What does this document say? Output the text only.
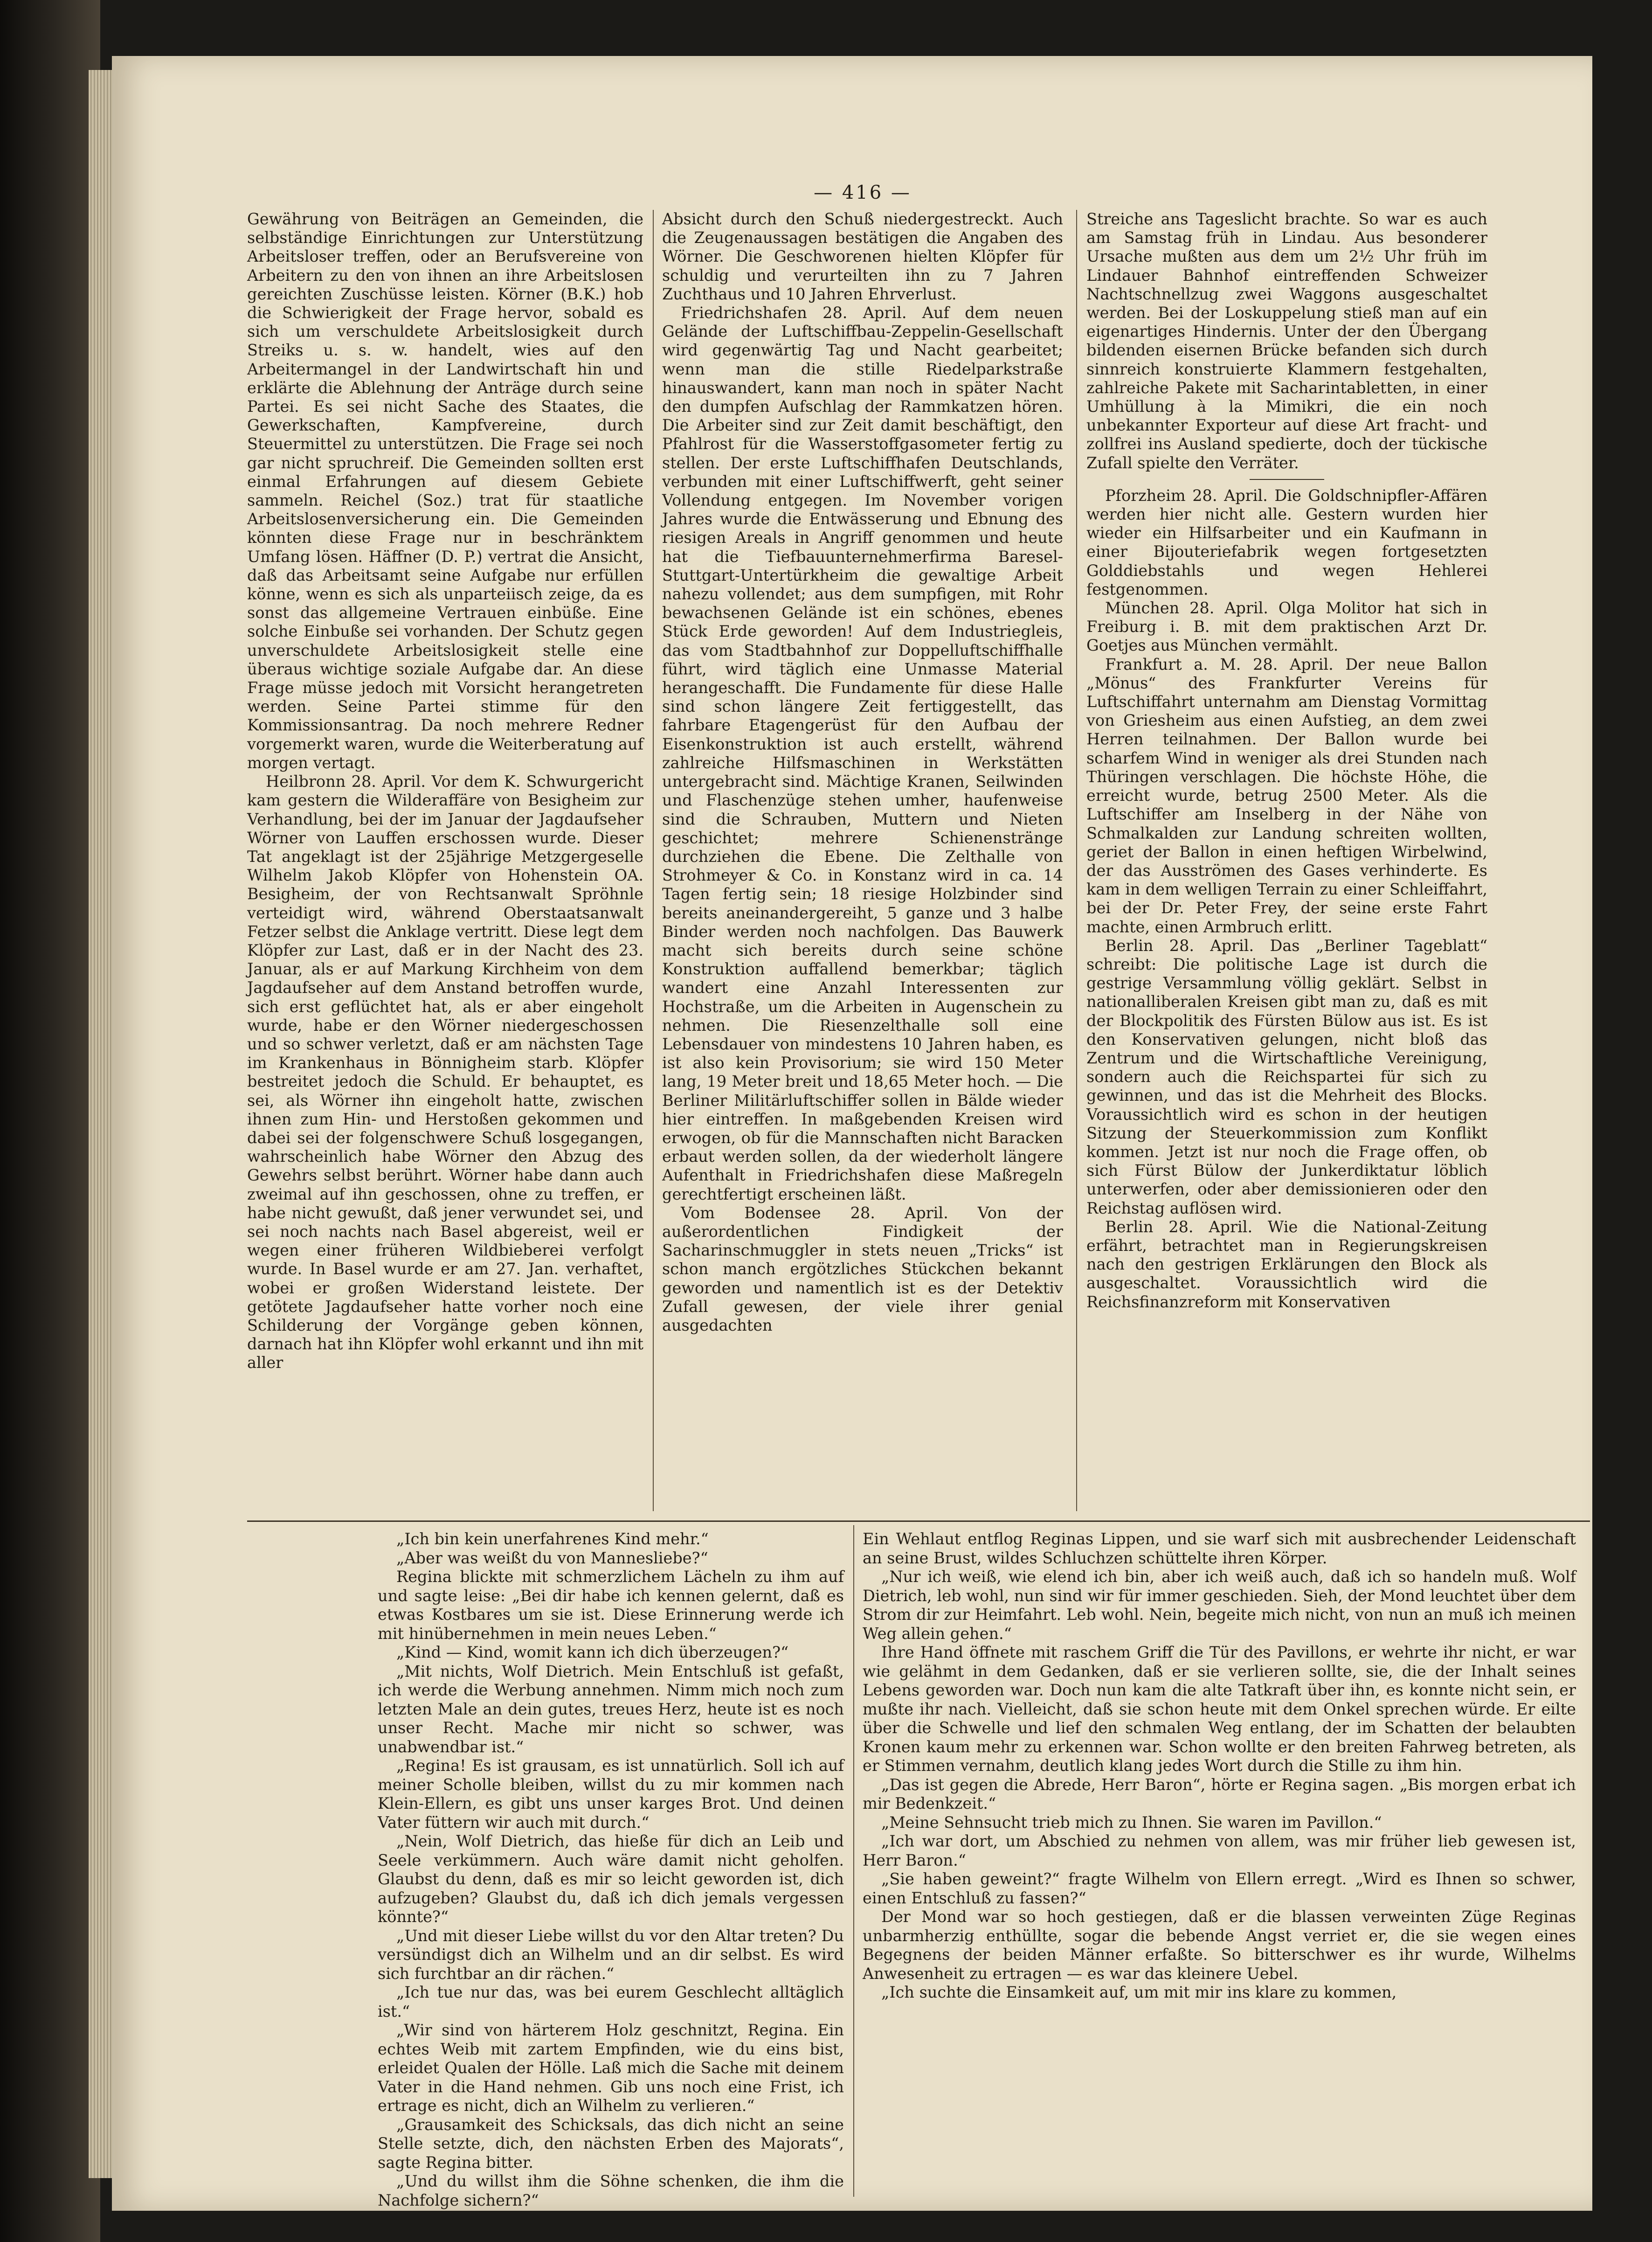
— 416 —

Gewährung von Beiträgen an Gemeinden, die selbständige Einrichtungen zur Unterstützung Arbeitsloser treffen, oder an Berufsvereine von Arbeitern zu den von ihnen an ihre Arbeitslosen gereichten Zuschüsse leisten. Körner (B.K.) hob die Schwierigkeit der Frage hervor, sobald es sich um verschuldete Arbeitslosigkeit durch Streiks u. s. w. handelt, wies auf den Arbeitermangel in der Landwirtschaft hin und erklärte die Ablehnung der Anträge durch seine Partei. Es sei nicht Sache des Staates, die Gewerkschaften, Kampfvereine, durch Steuermittel zu unterstützen. Die Frage sei noch gar nicht spruchreif. Die Gemeinden sollten erst einmal Erfahrungen auf diesem Gebiete sammeln. Reichel (Soz.) trat für staatliche Arbeitslosenversicherung ein. Die Gemeinden könnten diese Frage nur in beschränktem Umfang lösen. Häffner (D. P.) vertrat die Ansicht, daß das Arbeitsamt seine Aufgabe nur erfüllen könne, wenn es sich als unparteiisch zeige, da es sonst das allgemeine Vertrauen einbüße. Eine solche Einbuße sei vorhanden. Der Schutz gegen unverschuldete Arbeitslosigkeit stelle eine überaus wichtige soziale Aufgabe dar. An diese Frage müsse jedoch mit Vorsicht herangetreten werden. Seine Partei stimme für den Kommissionsantrag. Da noch mehrere Redner vorgemerkt waren, wurde die Weiterberatung auf morgen vertagt.

Heilbronn 28. April. Vor dem K. Schwurgericht kam gestern die Wilderaffäre von Besigheim zur Verhandlung, bei der im Januar der Jagdaufseher Wörner von Lauffen erschossen wurde. Dieser Tat angeklagt ist der 25jährige Metzgergeselle Wilhelm Jakob Klöpfer von Hohenstein OA. Besigheim, der von Rechtsanwalt Spröhnle verteidigt wird, während Oberstaatsanwalt Fetzer selbst die Anklage vertritt. Diese legt dem Klöpfer zur Last, daß er in der Nacht des 23. Januar, als er auf Markung Kirchheim von dem Jagdaufseher auf dem Anstand betroffen wurde, sich erst geflüchtet hat, als er aber eingeholt wurde, habe er den Wörner niedergeschossen und so schwer verletzt, daß er am nächsten Tage im Krankenhaus in Bönnigheim starb. Klöpfer bestreitet jedoch die Schuld. Er behauptet, es sei, als Wörner ihn eingeholt hatte, zwischen ihnen zum Hin- und Herstoßen gekommen und dabei sei der folgenschwere Schuß losgegangen, wahrscheinlich habe Wörner den Abzug des Gewehrs selbst berührt. Wörner habe dann auch zweimal auf ihn geschossen, ohne zu treffen, er habe nicht gewußt, daß jener verwundet sei, und sei noch nachts nach Basel abgereist, weil er wegen einer früheren Wildbieberei verfolgt wurde. In Basel wurde er am 27. Jan. verhaftet, wobei er großen Widerstand leistete. Der getötete Jagdaufseher hatte vorher noch eine Schilderung der Vorgänge geben können, darnach hat ihn Klöpfer wohl erkannt und ihn mit aller

Absicht durch den Schuß niedergestreckt. Auch die Zeugenaussagen bestätigen die Angaben des Wörner. Die Geschworenen hielten Klöpfer für schuldig und verurteilten ihn zu 7 Jahren Zuchthaus und 10 Jahren Ehrverlust.

Friedrichshafen 28. April. Auf dem neuen Gelände der Luftschiffbau-Zeppelin-Gesellschaft wird gegenwärtig Tag und Nacht gearbeitet; wenn man die stille Riedelparkstraße hinauswandert, kann man noch in später Nacht den dumpfen Aufschlag der Rammkatzen hören. Die Arbeiter sind zur Zeit damit beschäftigt, den Pfahlrost für die Wasserstoffgasometer fertig zu stellen. Der erste Luftschiffhafen Deutschlands, verbunden mit einer Luftschiffwerft, geht seiner Vollendung entgegen. Im November vorigen Jahres wurde die Entwässerung und Ebnung des riesigen Areals in Angriff genommen und heute hat die Tiefbauunternehmerfirma Baresel-Stuttgart-Untertürkheim die gewaltige Arbeit nahezu vollendet; aus dem sumpfigen, mit Rohr bewachsenen Gelände ist ein schönes, ebenes Stück Erde geworden! Auf dem Industriegleis, das vom Stadtbahnhof zur Doppelluftschiffhalle führt, wird täglich eine Unmasse Material herangeschafft. Die Fundamente für diese Halle sind schon längere Zeit fertiggestellt, das fahrbare Etagengerüst für den Aufbau der Eisenkonstruktion ist auch erstellt, während zahlreiche Hilfsmaschinen in Werkstätten untergebracht sind. Mächtige Kranen, Seilwinden und Flaschenzüge stehen umher, haufenweise sind die Schrauben, Muttern und Nieten geschichtet; mehrere Schienenstränge durchziehen die Ebene. Die Zelthalle von Strohmeyer & Co. in Konstanz wird in ca. 14 Tagen fertig sein; 18 riesige Holzbinder sind bereits aneinandergereiht, 5 ganze und 3 halbe Binder werden noch nachfolgen. Das Bauwerk macht sich bereits durch seine schöne Konstruktion auffallend bemerkbar; täglich wandert eine Anzahl Interessenten zur Hochstraße, um die Arbeiten in Augenschein zu nehmen. Die Riesenzelthalle soll eine Lebensdauer von mindestens 10 Jahren haben, es ist also kein Provisorium; sie wird 150 Meter lang, 19 Meter breit und 18,65 Meter hoch. — Die Berliner Militärluftschiffer sollen in Bälde wieder hier eintreffen. In maßgebenden Kreisen wird erwogen, ob für die Mannschaften nicht Baracken erbaut werden sollen, da der wiederholt längere Aufenthalt in Friedrichshafen diese Maßregeln gerechtfertigt erscheinen läßt.

Vom Bodensee 28. April. Von der außerordentlichen Findigkeit der Sacharinschmuggler in stets neuen „Tricks“ ist schon manch ergötzliches Stückchen bekannt geworden und namentlich ist es der Detektiv Zufall gewesen, der viele ihrer genial ausgedachten

Streiche ans Tageslicht brachte. So war es auch am Samstag früh in Lindau. Aus besonderer Ursache mußten aus dem um 2½ Uhr früh im Lindauer Bahnhof eintreffenden Schweizer Nachtschnellzug zwei Waggons ausgeschaltet werden. Bei der Loskuppelung stieß man auf ein eigenartiges Hindernis. Unter der den Übergang bildenden eisernen Brücke befanden sich durch sinnreich konstruierte Klammern festgehalten, zahlreiche Pakete mit Sacharintabletten, in einer Umhüllung à la Mimikri, die ein noch unbekannter Exporteur auf diese Art fracht- und zollfrei ins Ausland spedierte, doch der tückische Zufall spielte den Verräter.

Pforzheim 28. April. Die Goldschnipfler-Affären werden hier nicht alle. Gestern wurden hier wieder ein Hilfsarbeiter und ein Kaufmann in einer Bijouteriefabrik wegen fortgesetzten Golddiebstahls und wegen Hehlerei festgenommen.

München 28. April. Olga Molitor hat sich in Freiburg i. B. mit dem praktischen Arzt Dr. Goetjes aus München vermählt.

Frankfurt a. M. 28. April. Der neue Ballon „Mönus“ des Frankfurter Vereins für Luftschiffahrt unternahm am Dienstag Vormittag von Griesheim aus einen Aufstieg, an dem zwei Herren teilnahmen. Der Ballon wurde bei scharfem Wind in weniger als drei Stunden nach Thüringen verschlagen. Die höchste Höhe, die erreicht wurde, betrug 2500 Meter. Als die Luftschiffer am Inselberg in der Nähe von Schmalkalden zur Landung schreiten wollten, geriet der Ballon in einen heftigen Wirbelwind, der das Ausströmen des Gases verhinderte. Es kam in dem welligen Terrain zu einer Schleiffahrt, bei der Dr. Peter Frey, der seine erste Fahrt machte, einen Armbruch erlitt.

Berlin 28. April. Das „Berliner Tageblatt“ schreibt: Die politische Lage ist durch die gestrige Versammlung völlig geklärt. Selbst in nationalliberalen Kreisen gibt man zu, daß es mit der Blockpolitik des Fürsten Bülow aus ist. Es ist den Konservativen gelungen, nicht bloß das Zentrum und die Wirtschaftliche Vereinigung, sondern auch die Reichspartei für sich zu gewinnen, und das ist die Mehrheit des Blocks. Voraussichtlich wird es schon in der heutigen Sitzung der Steuerkommission zum Konflikt kommen. Jetzt ist nur noch die Frage offen, ob sich Fürst Bülow der Junkerdiktatur löblich unterwerfen, oder aber demissionieren oder den Reichstag auflösen wird.

Berlin 28. April. Wie die National-Zeitung erfährt, betrachtet man in Regierungskreisen nach den gestrigen Erklärungen den Block als ausgeschaltet. Voraussichtlich wird die Reichsfinanzreform mit Konservativen

„Ich bin kein unerfahrenes Kind mehr.“

„Aber was weißt du von Mannesliebe?“

Regina blickte mit schmerzlichem Lächeln zu ihm auf und sagte leise: „Bei dir habe ich kennen gelernt, daß es etwas Kostbares um sie ist. Diese Erinnerung werde ich mit hinübernehmen in mein neues Leben.“

„Kind — Kind, womit kann ich dich überzeugen?“

„Mit nichts, Wolf Dietrich. Mein Entschluß ist gefaßt, ich werde die Werbung annehmen. Nimm mich noch zum letzten Male an dein gutes, treues Herz, heute ist es noch unser Recht. Mache mir nicht so schwer, was unabwendbar ist.“

„Regina! Es ist grausam, es ist unnatürlich. Soll ich auf meiner Scholle bleiben, willst du zu mir kommen nach Klein-Ellern, es gibt uns unser karges Brot. Und deinen Vater füttern wir auch mit durch.“

„Nein, Wolf Dietrich, das hieße für dich an Leib und Seele verkümmern. Auch wäre damit nicht geholfen. Glaubst du denn, daß es mir so leicht geworden ist, dich aufzugeben? Glaubst du, daß ich dich jemals vergessen könnte?“

„Und mit dieser Liebe willst du vor den Altar treten? Du versündigst dich an Wilhelm und an dir selbst. Es wird sich furchtbar an dir rächen.“

„Ich tue nur das, was bei eurem Geschlecht alltäglich ist.“

„Wir sind von härterem Holz geschnitzt, Regina. Ein echtes Weib mit zartem Empfinden, wie du eins bist, erleidet Qualen der Hölle. Laß mich die Sache mit deinem Vater in die Hand nehmen. Gib uns noch eine Frist, ich ertrage es nicht, dich an Wilhelm zu verlieren.“

„Grausamkeit des Schicksals, das dich nicht an seine Stelle setzte, dich, den nächsten Erben des Majorats“, sagte Regina bitter.

„Und du willst ihm die Söhne schenken, die ihm die Nachfolge sichern?“

Ein Wehlaut entflog Reginas Lippen, und sie warf sich mit ausbrechender Leidenschaft an seine Brust, wildes Schluchzen schüttelte ihren Körper.

„Nur ich weiß, wie elend ich bin, aber ich weiß auch, daß ich so handeln muß. Wolf Dietrich, leb wohl, nun sind wir für immer geschieden. Sieh, der Mond leuchtet über dem Strom dir zur Heimfahrt. Leb wohl. Nein, begeite mich nicht, von nun an muß ich meinen Weg allein gehen.“

Ihre Hand öffnete mit raschem Griff die Tür des Pavillons, er wehrte ihr nicht, er war wie gelähmt in dem Gedanken, daß er sie verlieren sollte, sie, die der Inhalt seines Lebens geworden war. Doch nun kam die alte Tatkraft über ihn, es konnte nicht sein, er mußte ihr nach. Vielleicht, daß sie schon heute mit dem Onkel sprechen würde. Er eilte über die Schwelle und lief den schmalen Weg entlang, der im Schatten der belaubten Kronen kaum mehr zu erkennen war. Schon wollte er den breiten Fahrweg betreten, als er Stimmen vernahm, deutlich klang jedes Wort durch die Stille zu ihm hin.

„Das ist gegen die Abrede, Herr Baron“, hörte er Regina sagen. „Bis morgen erbat ich mir Bedenkzeit.“

„Meine Sehnsucht trieb mich zu Ihnen. Sie waren im Pavillon.“

„Ich war dort, um Abschied zu nehmen von allem, was mir früher lieb gewesen ist, Herr Baron.“

„Sie haben geweint?“ fragte Wilhelm von Ellern erregt. „Wird es Ihnen so schwer, einen Entschluß zu fassen?“

Der Mond war so hoch gestiegen, daß er die blassen verweinten Züge Reginas unbarmherzig enthüllte, sogar die bebende Angst verriet er, die sie wegen eines Begegnens der beiden Männer erfaßte. So bitterschwer es ihr wurde, Wilhelms Anwesenheit zu ertragen — es war das kleinere Uebel.

„Ich suchte die Einsamkeit auf, um mit mir ins klare zu kommen,
